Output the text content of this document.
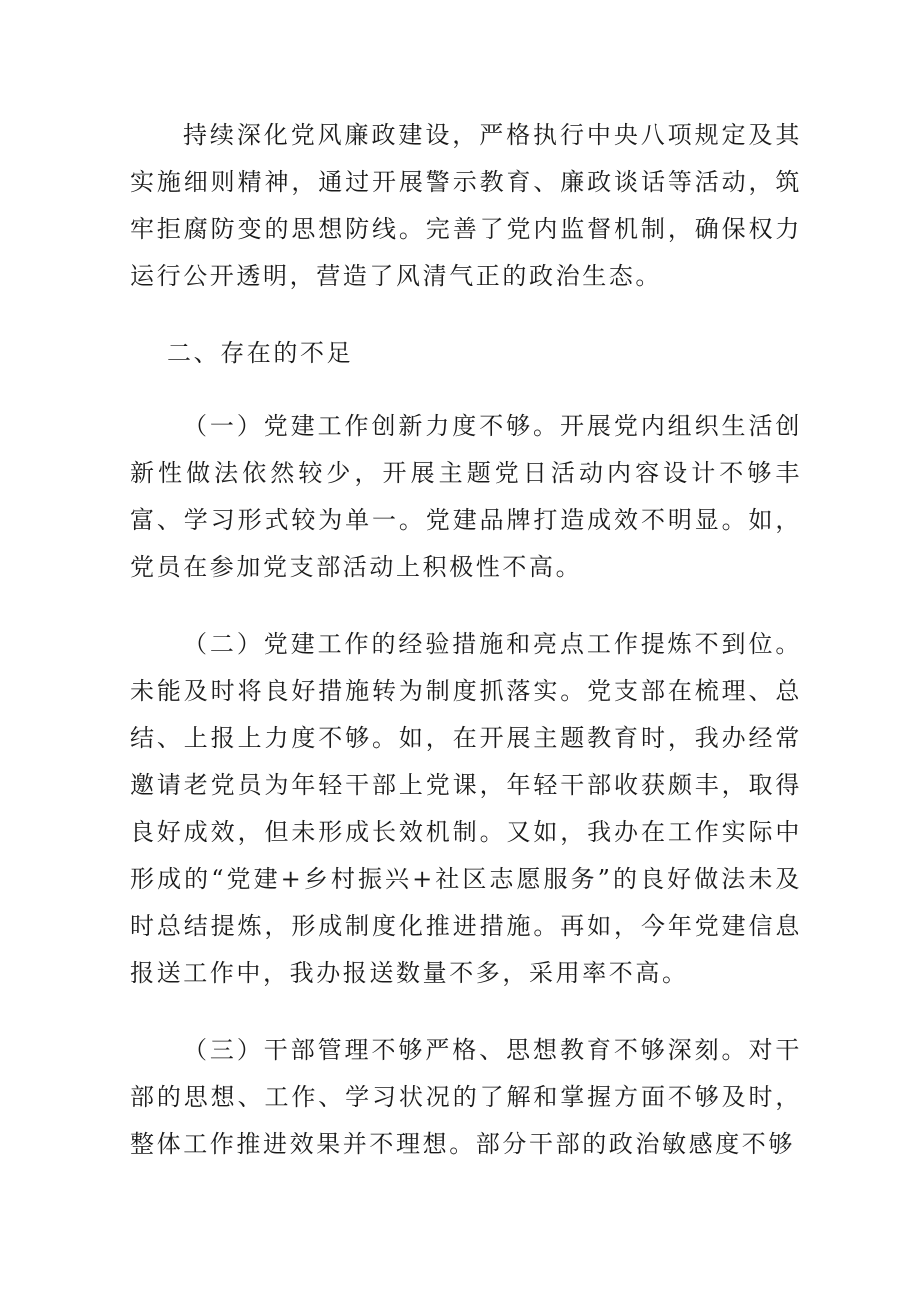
持续深化党风廉政建设，严格执行中央八项规定及其实施细则精神，通过开展警示教育、廉政谈话等活动，筑牢拒腐防变的思想防线。完善了党内监督机制，确保权力运行公开透明，营造了风清气正的政治生态。

二、存在的不足

（一）党建工作创新力度不够。开展党内组织生活创新性做法依然较少，开展主题党日活动内容设计不够丰富、学习形式较为单一。党建品牌打造成效不明显。如，党员在参加党支部活动上积极性不高。

（二）党建工作的经验措施和亮点工作提炼不到位。未能及时将良好措施转为制度抓落实。党支部在梳理、总结、上报上力度不够。如，在开展主题教育时，我办经常邀请老党员为年轻干部上党课，年轻干部收获颇丰，取得良好成效，但未形成长效机制。又如，我办在工作实际中形成的“党建+乡村振兴+社区志愿服务”的良好做法未及时总结提炼，形成制度化推进措施。再如，今年党建信息报送工作中，我办报送数量不多，采用率不高。

（三）干部管理不够严格、思想教育不够深刻。对干部的思想、工作、学习状况的了解和掌握方面不够及时，整体工作推进效果并不理想。部分干部的政治敏感度不够
